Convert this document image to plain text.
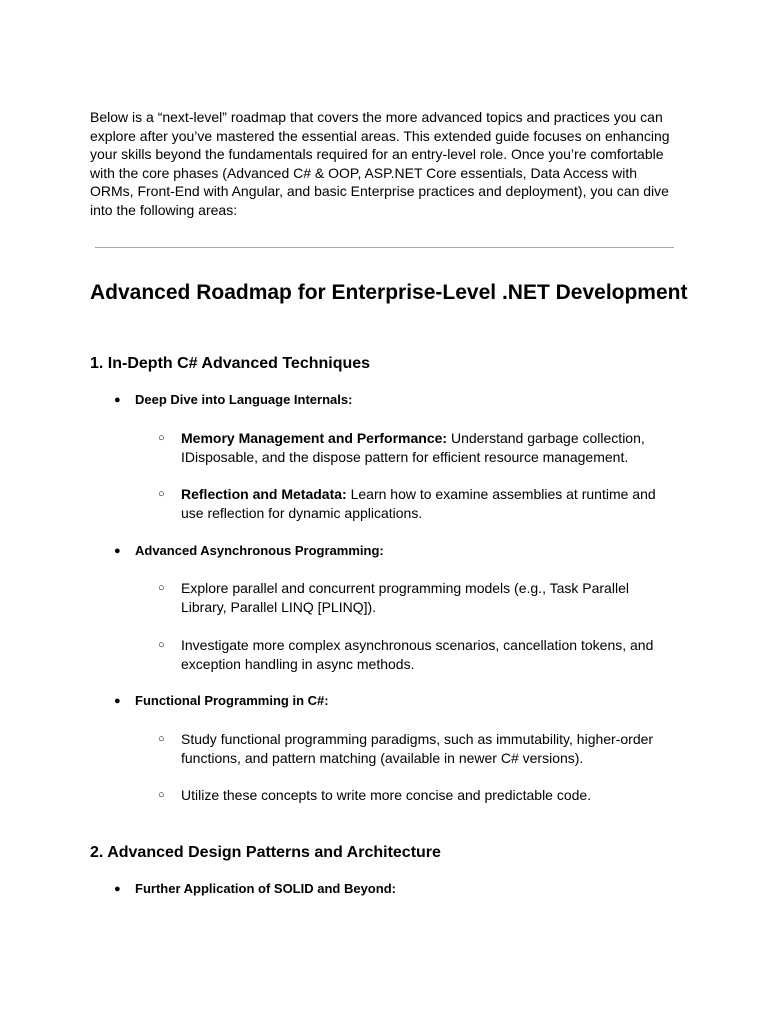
Below is a “next-level” roadmap that covers the more advanced topics and practices you can explore after you’ve mastered the essential areas. This extended guide focuses on enhancing your skills beyond the fundamentals required for an entry-level role. Once you’re comfortable with the core phases (Advanced C# & OOP, ASP.NET Core essentials, Data Access with ORMs, Front-End with Angular, and basic Enterprise practices and deployment), you can dive into the following areas:

Advanced Roadmap for Enterprise-Level .NET Development
1. In-Depth C# Advanced Techniques
● Deep Dive into Language Internals:
○ Memory Management and Performance: Understand garbage collection, IDisposable, and the dispose pattern for efficient resource management.
○ Reflection and Metadata: Learn how to examine assemblies at runtime and use reflection for dynamic applications.
● Advanced Asynchronous Programming:
○ Explore parallel and concurrent programming models (e.g., Task Parallel Library, Parallel LINQ [PLINQ]).
○ Investigate more complex asynchronous scenarios, cancellation tokens, and exception handling in async methods.
● Functional Programming in C#:
○ Study functional programming paradigms, such as immutability, higher-order functions, and pattern matching (available in newer C# versions).
○ Utilize these concepts to write more concise and predictable code.
2. Advanced Design Patterns and Architecture
● Further Application of SOLID and Beyond:
